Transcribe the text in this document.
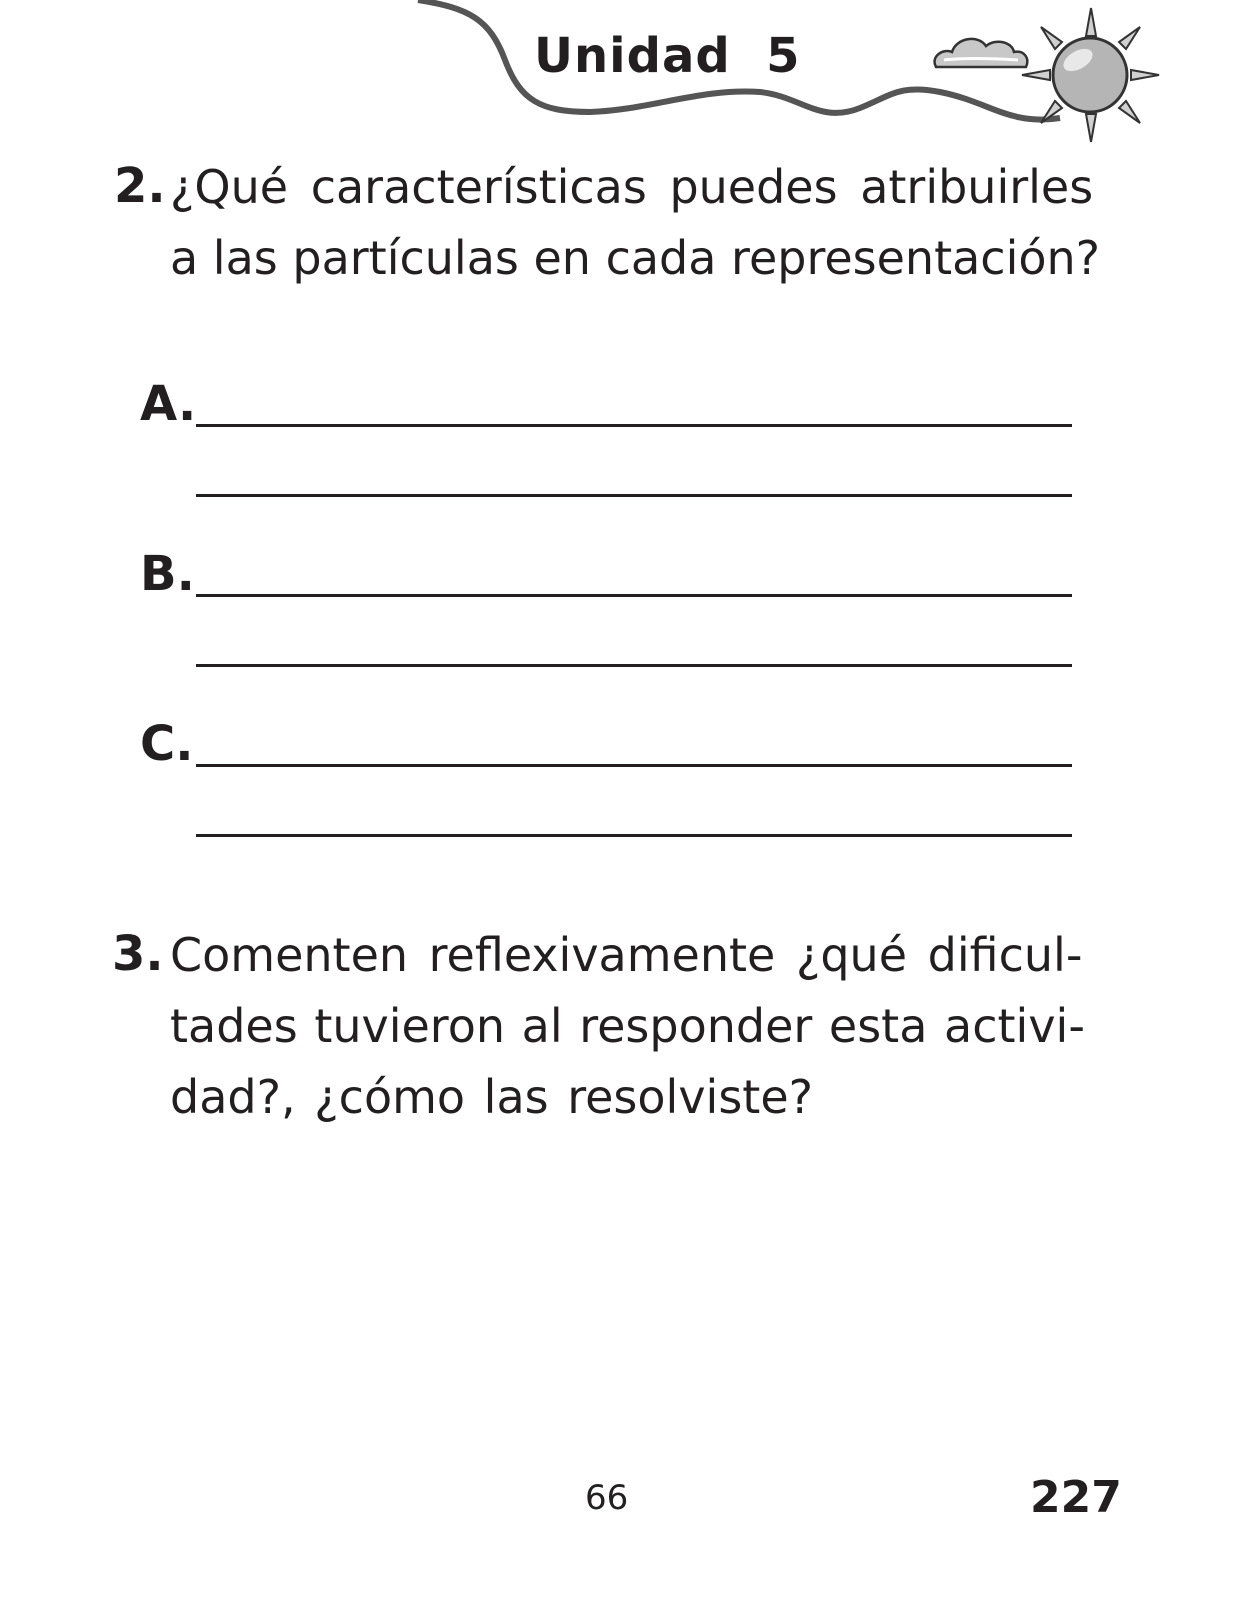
Unidad  5
2. ¿Qué características puedes atribuirles
a las partículas en cada representación?
A.
B.
C.
3. Comenten reflexivamente ¿qué dificul-
tades tuvieron al responder esta activi-
dad?, ¿cómo las resolviste?
66	227
